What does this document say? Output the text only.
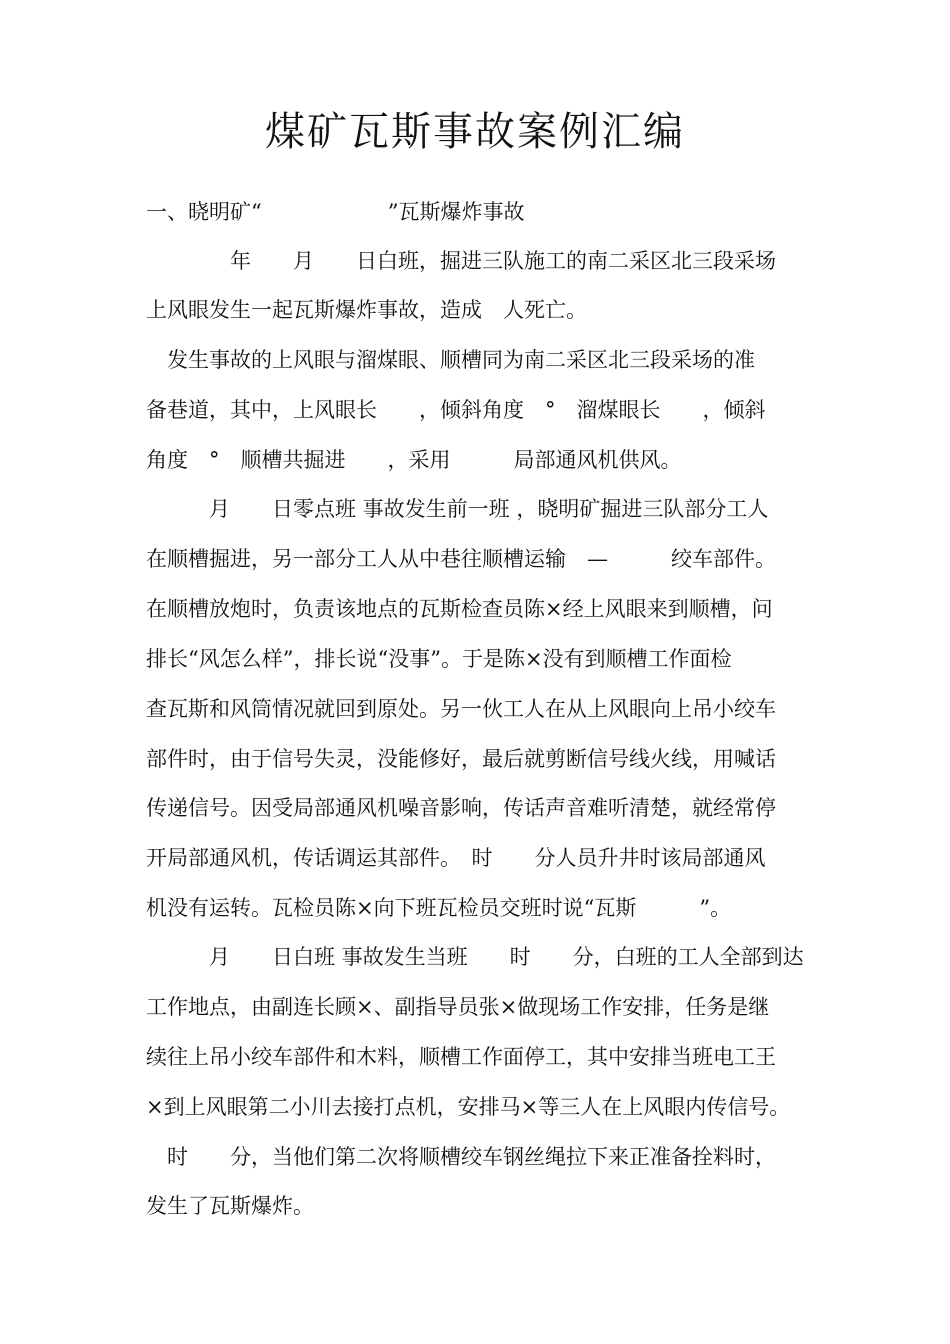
煤矿瓦斯事故案例汇编

一、晓明矿“　　　　　　”瓦斯爆炸事故

　　　　年　　月　　日白班，掘进三队施工的南二采区北三段采场

上风眼发生一起瓦斯爆炸事故，造成　人死亡。

　发生事故的上风眼与溜煤眼、顺槽同为南二采区北三段采场的准

备巷道，其中，上风眼长　　，倾斜角度　°　溜煤眼长　　，倾斜

角度　°　顺槽共掘进　　，采用　　　局部通风机供风。

　　　月　　日零点班 事故发生前一班 ，晓明矿掘进三队部分工人

在顺槽掘进，另一部分工人从中巷往顺槽运输　—　　　绞车部件。

在顺槽放炮时，负责该地点的瓦斯检查员陈×经上风眼来到顺槽，问

排长“风怎么样”，排长说“没事”。于是陈×没有到顺槽工作面检

查瓦斯和风筒情况就回到原处。另一伙工人在从上风眼向上吊小绞车

部件时，由于信号失灵，没能修好，最后就剪断信号线火线，用喊话

传递信号。因受局部通风机噪音影响，传话声音难听清楚，就经常停

开局部通风机，传话调运其部件。　时　　分人员升井时该局部通风

机没有运转。瓦检员陈×向下班瓦检员交班时说“瓦斯　　　”。

　　　月　　日白班 事故发生当班　　时　　分，白班的工人全部到达

工作地点，由副连长顾×、副指导员张×做现场工作安排，任务是继

续往上吊小绞车部件和木料，顺槽工作面停工，其中安排当班电工王

×到上风眼第二小川去接打点机，安排马×等三人在上风眼内传信号。

　时　　分，当他们第二次将顺槽绞车钢丝绳拉下来正准备拴料时，

发生了瓦斯爆炸。
